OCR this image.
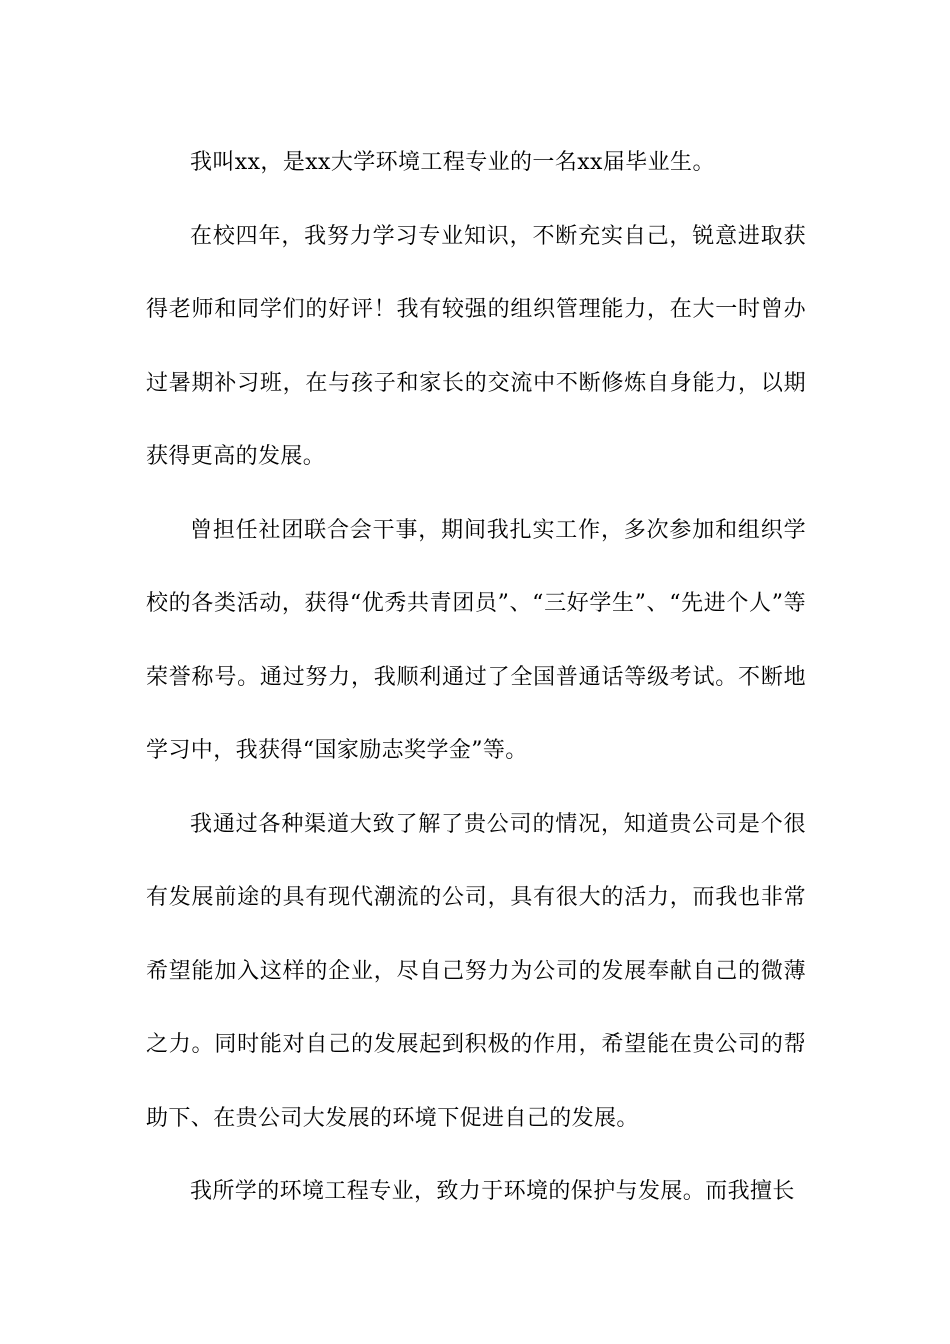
我叫xx，是xx大学环境工程专业的一名xx届毕业生。

在校四年，我努力学习专业知识，不断充实自己，锐意进取获得老师和同学们的好评！我有较强的组织管理能力，在大一时曾办过暑期补习班，在与孩子和家长的交流中不断修炼自身能力，以期获得更高的发展。

曾担任社团联合会干事，期间我扎实工作，多次参加和组织学校的各类活动，获得“优秀共青团员”、“三好学生”、“先进个人”等荣誉称号。通过努力，我顺利通过了全国普通话等级考试。不断地学习中，我获得“国家励志奖学金”等。

我通过各种渠道大致了解了贵公司的情况，知道贵公司是个很有发展前途的具有现代潮流的公司，具有很大的活力，而我也非常希望能加入这样的企业，尽自己努力为公司的发展奉献自己的微薄之力。同时能对自己的发展起到积极的作用，希望能在贵公司的帮助下、在贵公司大发展的环境下促进自己的发展。

我所学的环境工程专业，致力于环境的保护与发展。而我擅长
